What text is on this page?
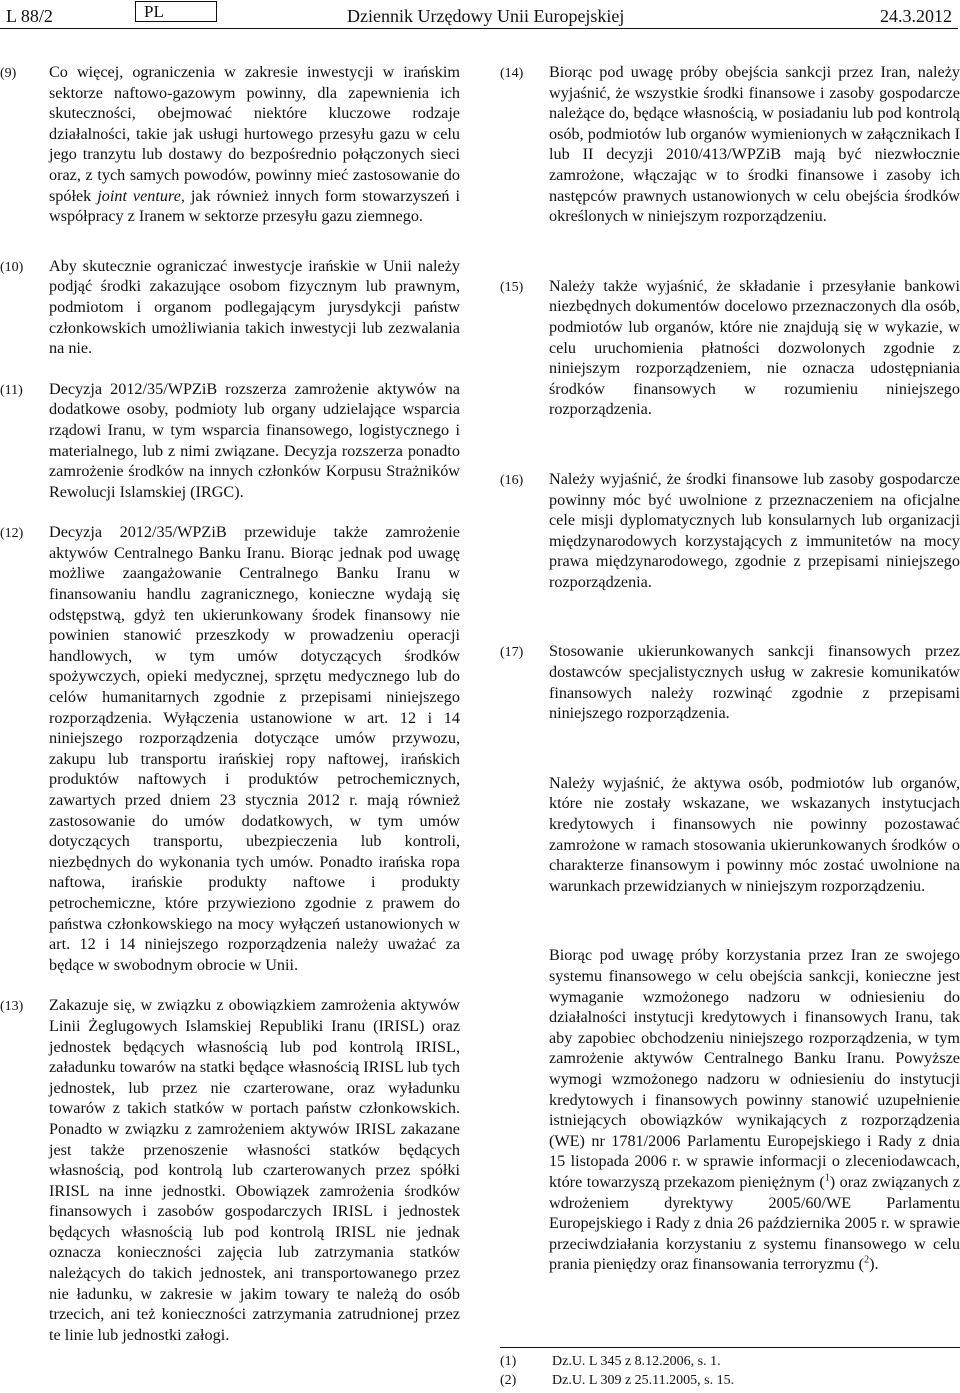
L 88/2	PL	Dziennik Urzędowy Unii Europejskiej	24.3.2012
(9)	Co więcej, ograniczenia w zakresie inwestycji w irańskim sektorze naftowo-gazowym powinny, dla zapewnienia ich skuteczności, obejmować niektóre kluczowe rodzaje działalności, takie jak usługi hurtowego przesyłu gazu w celu jego tranzytu lub dostawy do bezpośrednio połączonych sieci oraz, z tych samych powodów, powinny mieć zastosowanie do spółek joint venture, jak również innych form stowarzyszeń i współpracy z Iranem w sektorze przesyłu gazu ziemnego.
(10)	Aby skutecznie ograniczać inwestycje irańskie w Unii należy podjąć środki zakazujące osobom fizycznym lub prawnym, podmiotom i organom podlegającym jurysdykcji państw członkowskich umożliwiania takich inwestycji lub zezwalania na nie.
(11)	Decyzja 2012/35/WPZiB rozszerza zamrożenie aktywów na dodatkowe osoby, podmioty lub organy udzielające wsparcia rządowi Iranu, w tym wsparcia finansowego, logistycznego i materialnego, lub z nimi związane. Decyzja rozszerza ponadto zamrożenie środków na innych członków Korpusu Strażników Rewolucji Islamskiej (IRGC).
(12)	Decyzja 2012/35/WPZiB przewiduje także zamrożenie aktywów Centralnego Banku Iranu. Biorąc jednak pod uwagę możliwe zaangażowanie Centralnego Banku Iranu w finansowaniu handlu zagranicznego, konieczne wydają się odstępstwą, gdyż ten ukierunkowany środek finansowy nie powinien stanowić przeszkody w prowadzeniu operacji handlowych, w tym umów dotyczących środków spożywczych, opieki medycznej, sprzętu medycznego lub do celów humanitarnych zgodnie z przepisami niniejszego rozporządzenia. Wyłączenia ustanowione w art. 12 i 14 niniejszego rozporządzenia dotyczące umów przywozu, zakupu lub transportu irańskiej ropy naftowej, irańskich produktów naftowych i produktów petrochemicznych, zawartych przed dniem 23 stycznia 2012 r. mają również zastosowanie do umów dodatkowych, w tym umów dotyczących transportu, ubezpieczenia lub kontroli, niezbędnych do wykonania tych umów. Ponadto irańska ropa naftowa, irańskie produkty naftowe i produkty petrochemiczne, które przywieziono zgodnie z prawem do państwa członkowskiego na mocy wyłączeń ustanowionych w art. 12 i 14 niniejszego rozporządzenia należy uważać za będące w swobodnym obrocie w Unii.
(13)	Zakazuje się, w związku z obowiązkiem zamrożenia aktywów Linii Żeglugowych Islamskiej Republiki Iranu (IRISL) oraz jednostek będących własnością lub pod kontrolą IRISL, załadunku towarów na statki będące własnością IRISL lub tych jednostek, lub przez nie czarterowane, oraz wyładunku towarów z takich statków w portach państw członkowskich. Ponadto w związku z zamrożeniem aktywów IRISL zakazane jest także przenoszenie własności statków będących własnością, pod kontrolą lub czarterowanych przez spółki IRISL na inne jednostki. Obowiązek zamrożenia środków finansowych i zasobów gospodarczych IRISL i jednostek będących własnością lub pod kontrolą IRISL nie jednak oznacza konieczności zajęcia lub zatrzymania statków należących do takich jednostek, ani transportowanego przez nie ładunku, w zakresie w jakim towary te należą do osób trzecich, ani też konieczności zatrzymania zatrudnionej przez te linie lub jednostki załogi.
(14)	Biorąc pod uwagę próby obejścia sankcji przez Iran, należy wyjaśnić, że wszystkie środki finansowe i zasoby gospodarcze należące do, będące własnością, w posiadaniu lub pod kontrolą osób, podmiotów lub organów wymienionych w załącznikach I lub II decyzji 2010/413/WPZiB mają być niezwłocznie zamrożone, włączając w to środki finansowe i zasoby ich następców prawnych ustanowionych w celu obejścia środków określonych w niniejszym rozporządzeniu.
(15)	Należy także wyjaśnić, że składanie i przesyłanie bankowi niezbędnych dokumentów docelowo przeznaczonych dla osób, podmiotów lub organów, które nie znajdują się w wykazie, w celu uruchomienia płatności dozwolonych zgodnie z niniejszym rozporządzeniem, nie oznacza udostępniania środków finansowych w rozumieniu niniejszego rozporządzenia.
(16)	Należy wyjaśnić, że środki finansowe lub zasoby gospodarcze powinny móc być uwolnione z przeznaczeniem na oficjalne cele misji dyplomatycznych lub konsularnych lub organizacji międzynarodowych korzystających z immunitetów na mocy prawa międzynarodowego, zgodnie z przepisami niniejszego rozporządzenia.
(17)	Stosowanie ukierunkowanych sankcji finansowych przez dostawców specjalistycznych usług w zakresie komunikatów finansowych należy rozwinąć zgodnie z przepisami niniejszego rozporządzenia.
Należy wyjaśnić, że aktywa osób, podmiotów lub organów, które nie zostały wskazane, we wskazanych instytucjach kredytowych i finansowych nie powinny pozostawać zamrożone w ramach stosowania ukierunkowanych środków o charakterze finansowym i powinny móc zostać uwolnione na warunkach przewidzianych w niniejszym rozporządzeniu.
Biorąc pod uwagę próby korzystania przez Iran ze swojego systemu finansowego w celu obejścia sankcji, konieczne jest wymaganie wzmożonego nadzoru w odniesieniu do działalności instytucji kredytowych i finansowych Iranu, tak aby zapobiec obchodzeniu niniejszego rozporządzenia, w tym zamrożenie aktywów Centralnego Banku Iranu. Powyższe wymogi wzmożonego nadzoru w odniesieniu do instytucji kredytowych i finansowych powinny stanowić uzupełnienie istniejących obowiązków wynikających z rozporządzenia (WE) nr 1781/2006 Parlamentu Europejskiego i Rady z dnia 15 listopada 2006 r. w sprawie informacji o zleceniodawcach, które towarzyszą przekazom pieniężnym ($^1$) oraz związanych z wdrożeniem dyrektywy 2005/60/WE Parlamentu Europejskiego i Rady z dnia 26 października 2005 r. w sprawie przeciwdziałania korzystaniu z systemu finansowego w celu prania pieniędzy oraz finansowania terroryzmu ($^2$).
(1)	Dz.U. L 345 z 8.12.2006, s. 1.
(2)	Dz.U. L 309 z 25.11.2005, s. 15.
